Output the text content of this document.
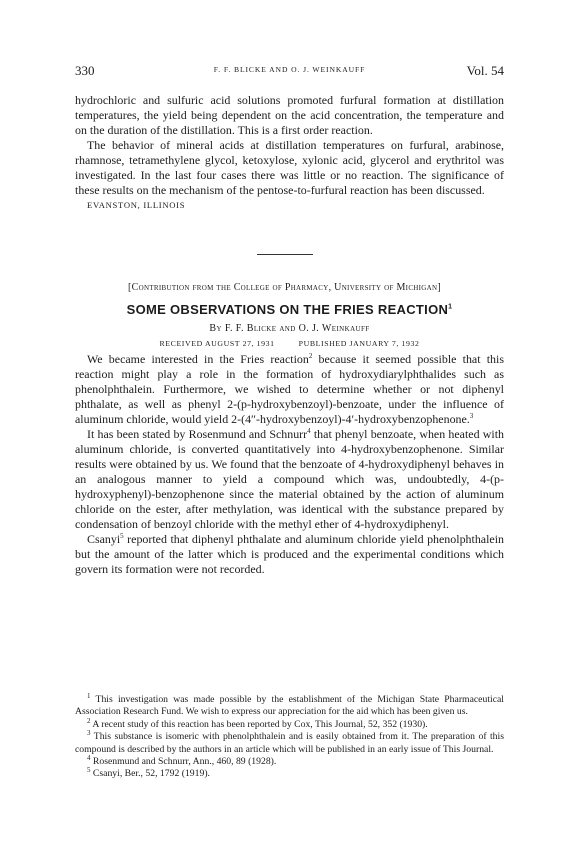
330	F. F. BLICKE AND O. J. WEINKAUFF	Vol. 54

hydrochloric and sulfuric acid solutions promoted furfural formation at distillation temperatures, the yield being dependent on the acid concentration, the temperature and on the duration of the distillation. This is a first order reaction.

The behavior of mineral acids at distillation temperatures on furfural, arabinose, rhamnose, tetramethylene glycol, ketoxylose, xylonic acid, glycerol and erythritol was investigated. In the last four cases there was little or no reaction. The significance of these results on the mechanism of the pentose-to-furfural reaction has been discussed.

EVANSTON, ILLINOIS
[Contribution from the College of Pharmacy, University of Michigan]
SOME OBSERVATIONS ON THE FRIES REACTION$^1$
By F. F. Blicke and O. J. Weinkauff
RECEIVED AUGUST 27, 1931	PUBLISHED JANUARY 7, 1932

We became interested in the Fries reaction$^2$ because it seemed possible that this reaction might play a role in the formation of hydroxydiarylphthalides such as phenolphthalein. Furthermore, we wished to determine whether or not diphenyl phthalate, as well as phenyl 2-(p-hydroxybenzoyl)-benzoate, under the influence of aluminum chloride, would yield 2-(4″-hydroxybenzoyl)-4′-hydroxybenzophenone.$^3$

It has been stated by Rosenmund and Schnurr$^4$ that phenyl benzoate, when heated with aluminum chloride, is converted quantitatively into 4-hydroxybenzophenone. Similar results were obtained by us. We found that the benzoate of 4-hydroxydiphenyl behaves in an analogous manner to yield a compound which was, undoubtedly, 4-(p-hydroxyphenyl)-benzophenone since the material obtained by the action of aluminum chloride on the ester, after methylation, was identical with the substance prepared by condensation of benzoyl chloride with the methyl ether of 4-hydroxydiphenyl.

Csanyi$^5$ reported that diphenyl phthalate and aluminum chloride yield phenolphthalein but the amount of the latter which is produced and the experimental conditions which govern its formation were not recorded.

$^1$ This investigation was made possible by the establishment of the Michigan State Pharmaceutical Association Research Fund. We wish to express our appreciation for the aid which has been given us.

$^2$ A recent study of this reaction has been reported by Cox, This Journal, 52, 352 (1930).

$^3$ This substance is isomeric with phenolphthalein and is easily obtained from it. The preparation of this compound is described by the authors in an article which will be published in an early issue of This Journal.

$^4$ Rosenmund and Schnurr, Ann., 460, 89 (1928).

$^5$ Csanyi, Ber., 52, 1792 (1919).
